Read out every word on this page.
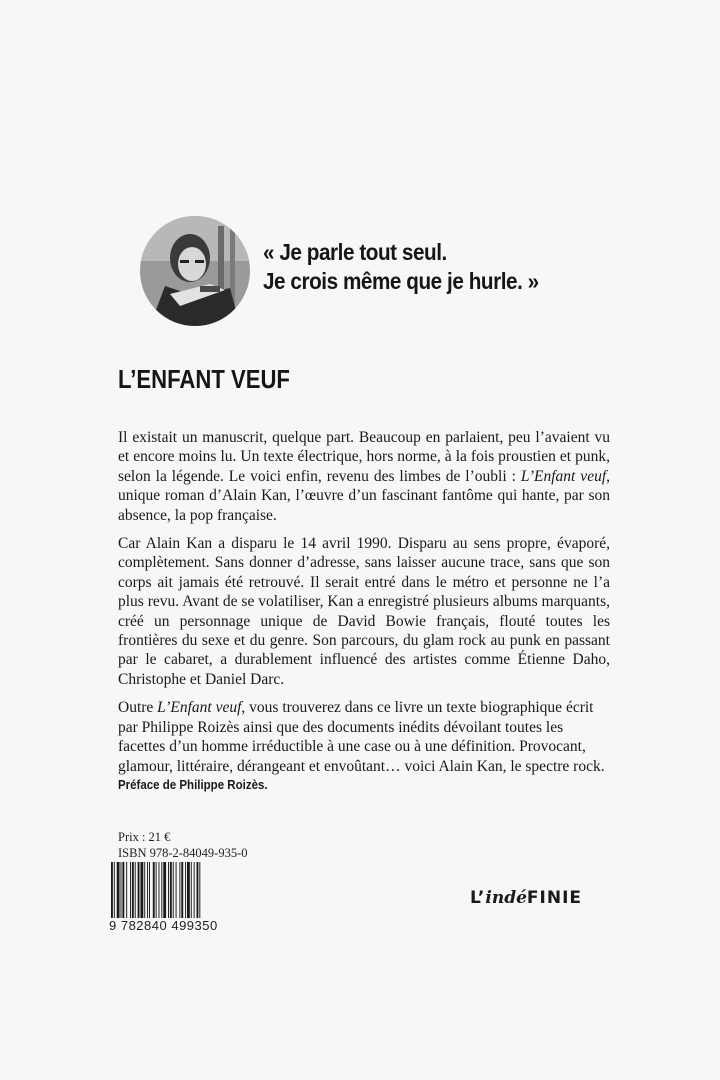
« Je parle tout seul.
Je crois même que je hurle. »
L’ENFANT VEUF

Il existait un manuscrit, quelque part. Beaucoup en parlaient, peu l’avaient vu et encore moins lu. Un texte électrique, hors norme, à la fois proustien et punk, selon la légende. Le voici enfin, revenu des limbes de l’oubli : L’Enfant veuf, unique roman d’Alain Kan, l’œuvre d’un fascinant fantôme qui hante, par son absence, la pop française.

Car Alain Kan a disparu le 14 avril 1990. Disparu au sens propre, évaporé, complètement. Sans donner d’adresse, sans laisser aucune trace, sans que son corps ait jamais été retrouvé. Il serait entré dans le métro et personne ne l’a plus revu. Avant de se volatiliser, Kan a enregistré plusieurs albums marquants, créé un personnage unique de David Bowie français, flouté toutes les frontières du sexe et du genre. Son parcours, du glam rock au punk en passant par le cabaret, a durablement influencé des artistes comme Étienne Daho, Christophe et Daniel Darc.

Outre L’Enfant veuf, vous trouverez dans ce livre un texte biographique écrit par Philippe Roizès ainsi que des documents inédits dévoilant toutes les facettes d’un homme irréductible à une case ou à une définition. Provocant, glamour, littéraire, dérangeant et envoûtant… voici Alain Kan, le spectre rock.

Préface de Philippe Roizès.
Prix : 21 €
ISBN 978-2-84049-935-0
9 782840 499350
L’indéFINIE
